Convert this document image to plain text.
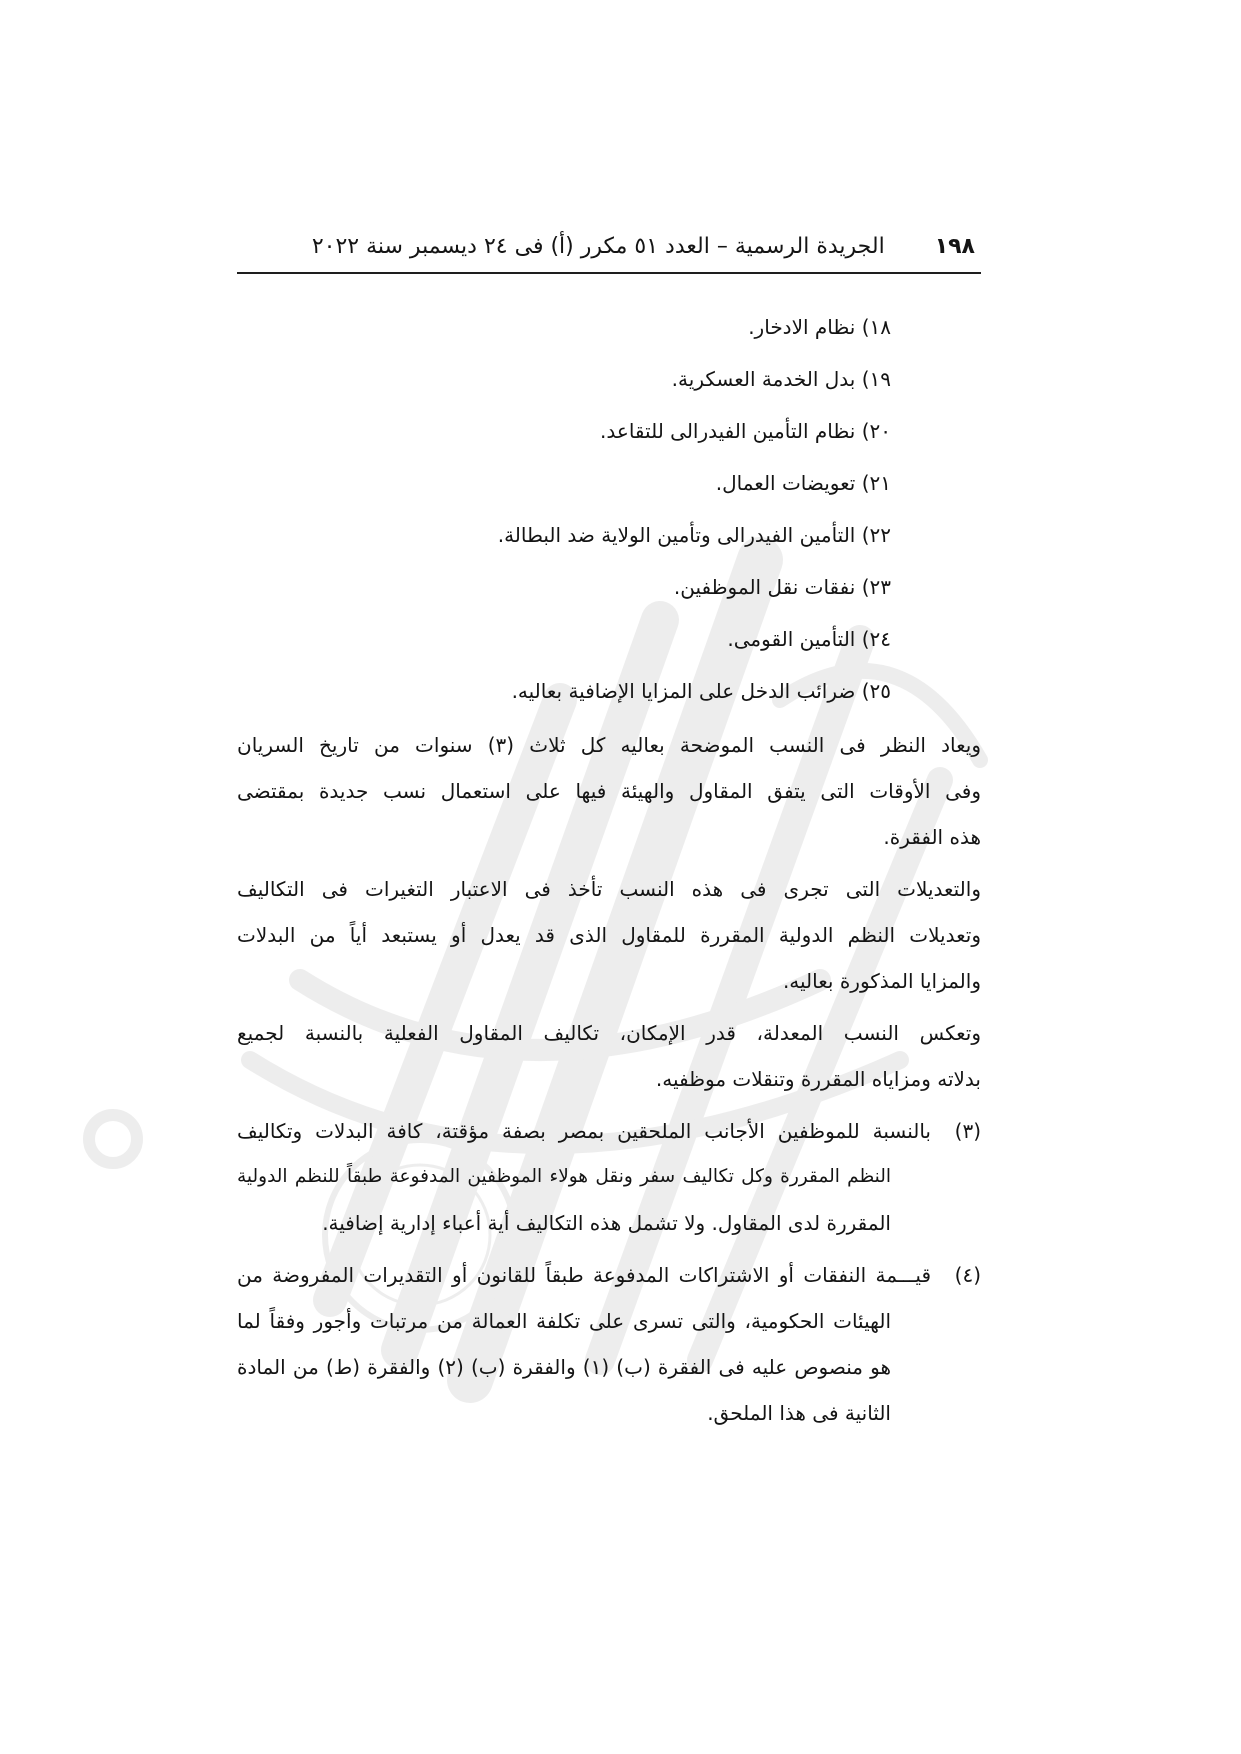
١٩٨
الجريدة الرسمية – العدد ٥١ مكرر (أ) فى ٢٤ ديسمبر سنة ٢٠٢٢
١٨) نظام الادخار.
١٩) بدل الخدمة العسكرية.
٢٠) نظام التأمين الفيدرالى للتقاعد.
٢١) تعويضات العمال.
٢٢) التأمين الفيدرالى وتأمين الولاية ضد البطالة.
٢٣) نفقات نقل الموظفين.
٢٤) التأمين القومى.
٢٥) ضرائب الدخل على المزايا الإضافية بعاليه.
ويعاد النظر فى النسب الموضحة بعاليه كل ثلاث (٣) سنوات من تاريخ السريان
وفى الأوقات التى يتفق المقاول والهيئة فيها على استعمال نسب جديدة بمقتضى
هذه الفقرة.
والتعديلات التى تجرى فى هذه النسب تأخذ فى الاعتبار التغيرات فى التكاليف
وتعديلات النظم الدولية المقررة للمقاول الذى قد يعدل أو يستبعد أياً من البدلات
والمزايا المذكورة بعاليه.
وتعكس النسب المعدلة، قدر الإمكان، تكاليف المقاول الفعلية بالنسبة لجميع
بدلاته ومزاياه المقررة وتنقلات موظفيه.
(٣)
بالنسبة للموظفين الأجانب الملحقين بمصر بصفة مؤقتة، كافة البدلات وتكاليف
النظم المقررة وكل تكاليف سفر ونقل هولاء الموظفين المدفوعة طبقاً للنظم الدولية
المقررة لدى المقاول. ولا تشمل هذه التكاليف أية أعباء إدارية إضافية.
(٤)
قيـــمة النفقات أو الاشتراكات المدفوعة طبقاً للقانون أو التقديرات المفروضة من
الهيئات الحكومية، والتى تسرى على تكلفة العمالة من مرتبات وأجور وفقاً لما
هو منصوص عليه فى الفقرة (ب) (١) والفقرة (ب) (٢) والفقرة (ط) من المادة
الثانية فى هذا الملحق.
